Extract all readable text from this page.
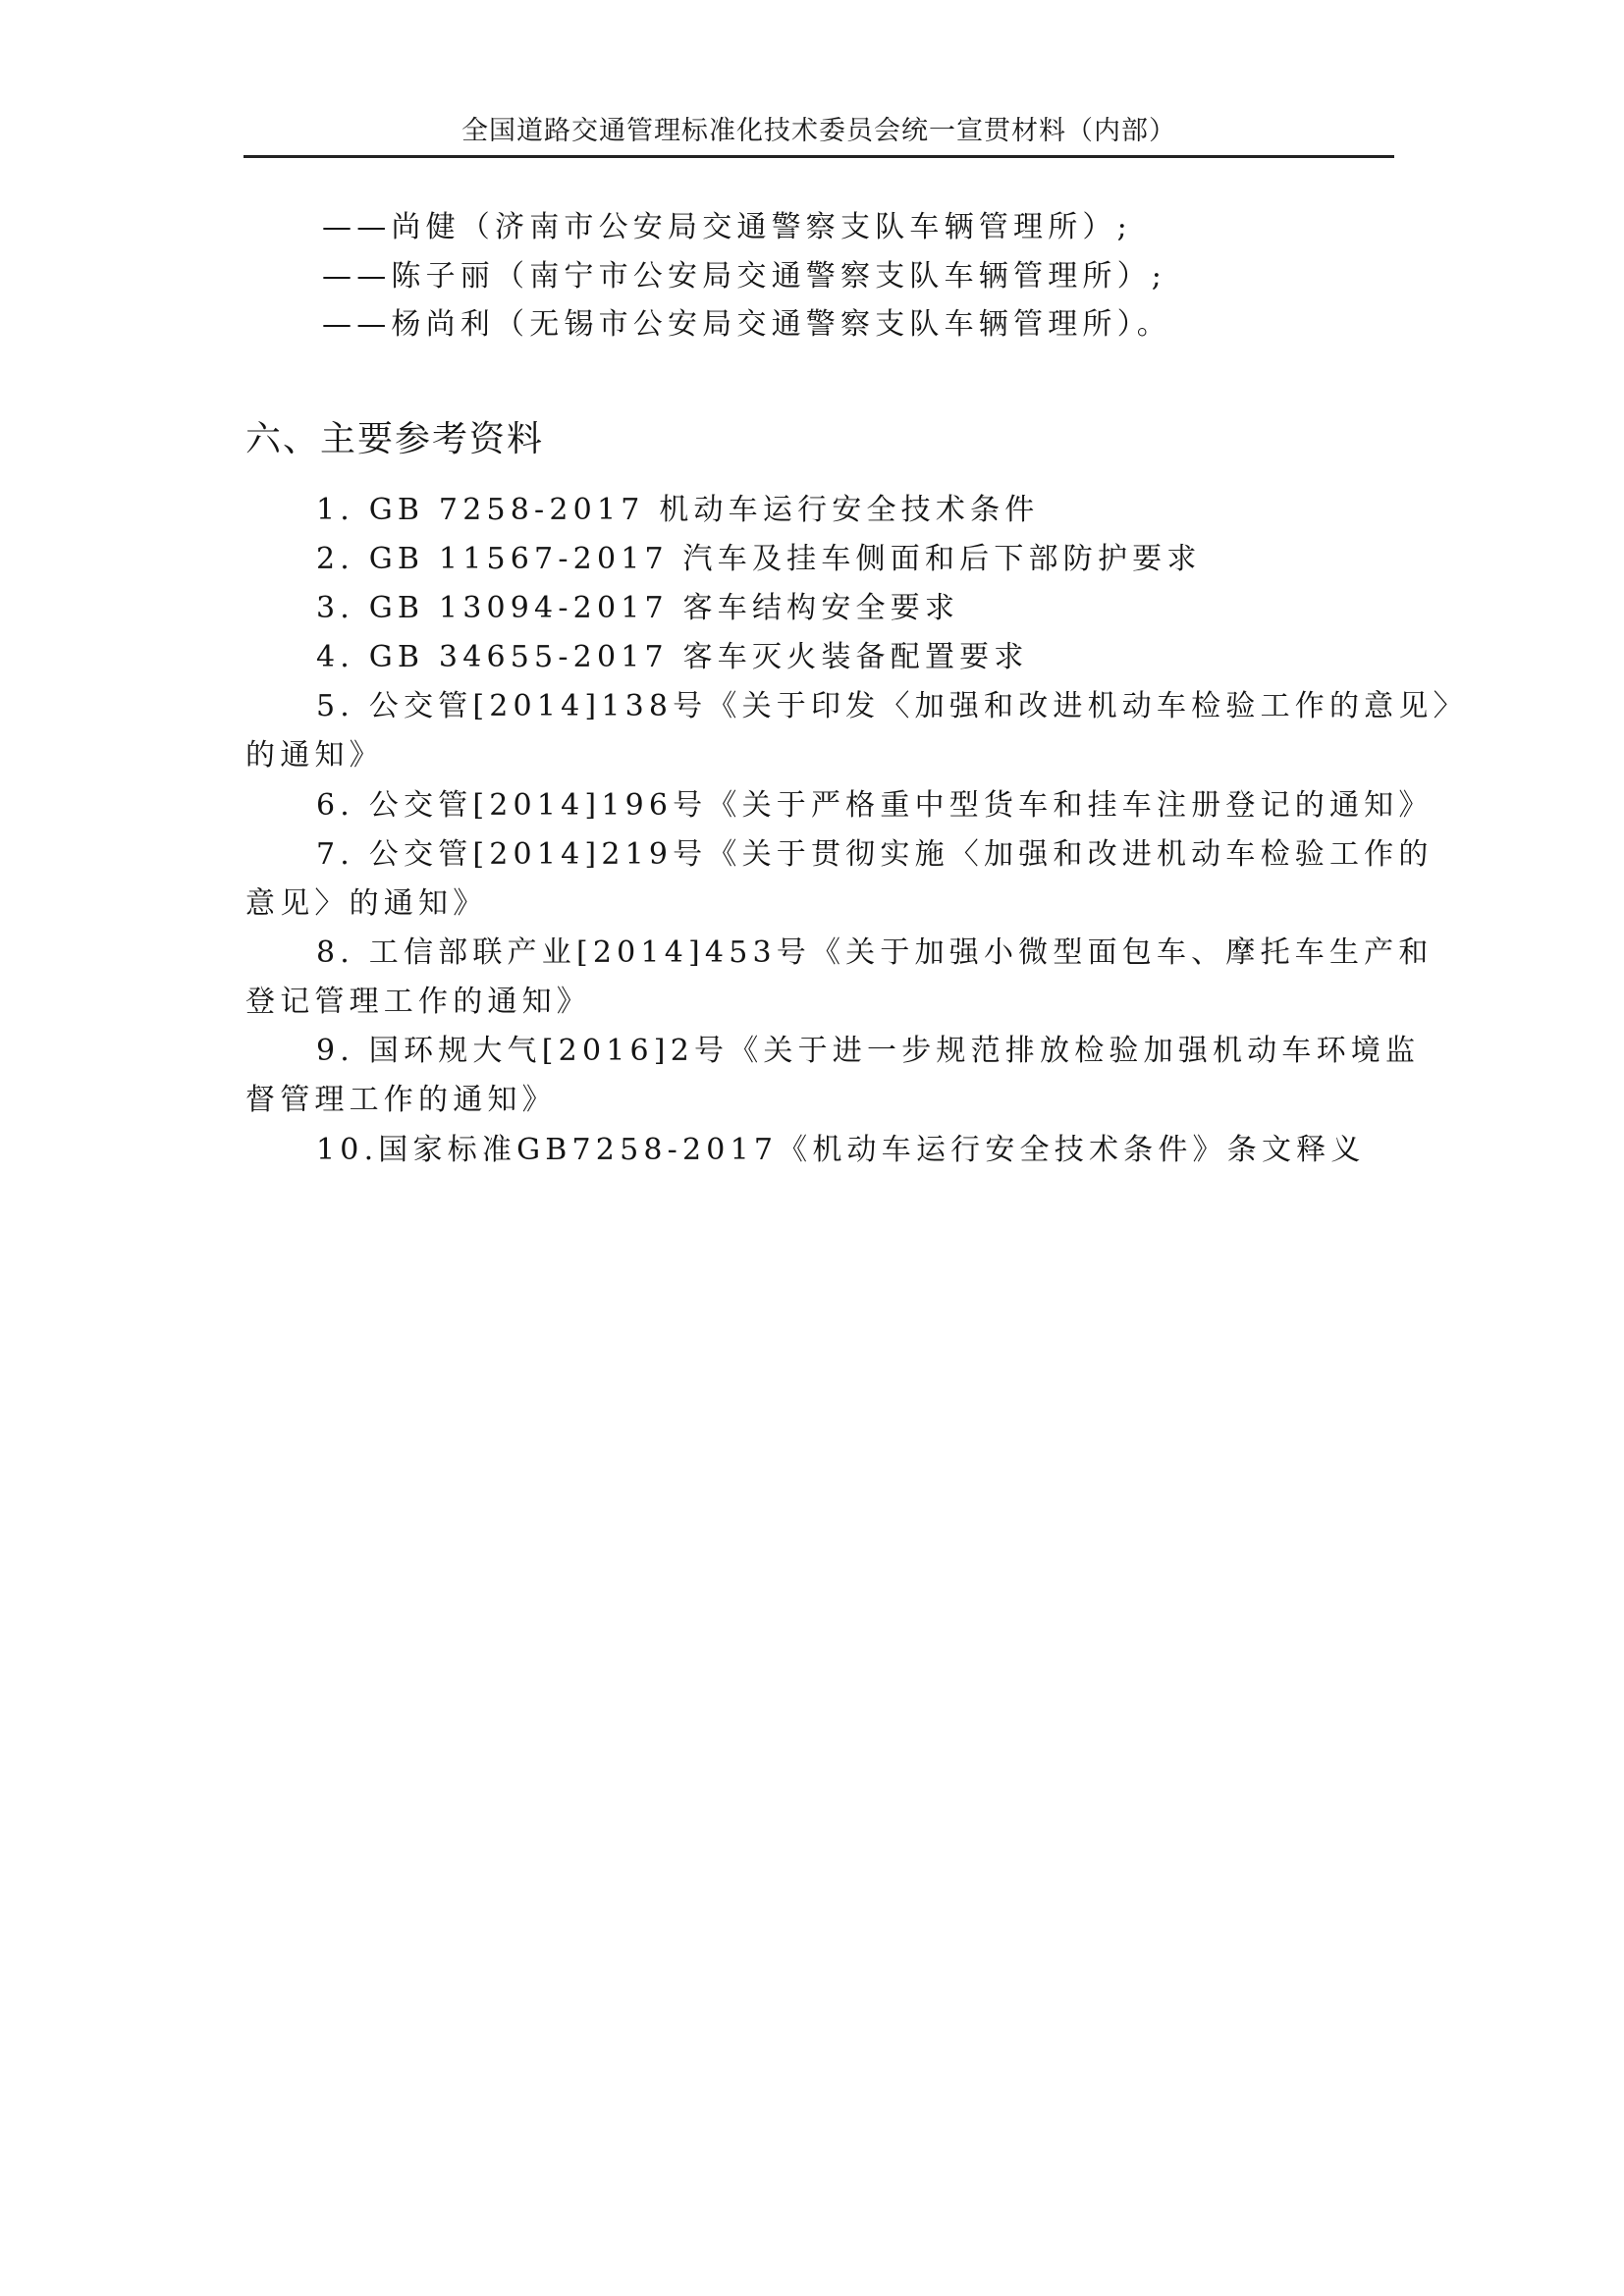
全国道路交通管理标准化技术委员会统一宣贯材料（内部）
——尚健（济南市公安局交通警察支队车辆管理所）;
——陈子丽（南宁市公安局交通警察支队车辆管理所）;
——杨尚利（无锡市公安局交通警察支队车辆管理所）。
六、主要参考资料
1. GB 7258-2017 机动车运行安全技术条件
2. GB 11567-2017 汽车及挂车侧面和后下部防护要求
3. GB 13094-2017 客车结构安全要求
4. GB 34655-2017 客车灭火装备配置要求
5. 公交管[2014]138号《关于印发〈加强和改进机动车检验工作的意见〉
的通知》
6. 公交管[2014]196号《关于严格重中型货车和挂车注册登记的通知》
7. 公交管[2014]219号《关于贯彻实施〈加强和改进机动车检验工作的
意见〉的通知》
8. 工信部联产业[2014]453号《关于加强小微型面包车、摩托车生产和
登记管理工作的通知》
9. 国环规大气[2016]2号《关于进一步规范排放检验加强机动车环境监
督管理工作的通知》
10.国家标准GB7258-2017《机动车运行安全技术条件》条文释义
